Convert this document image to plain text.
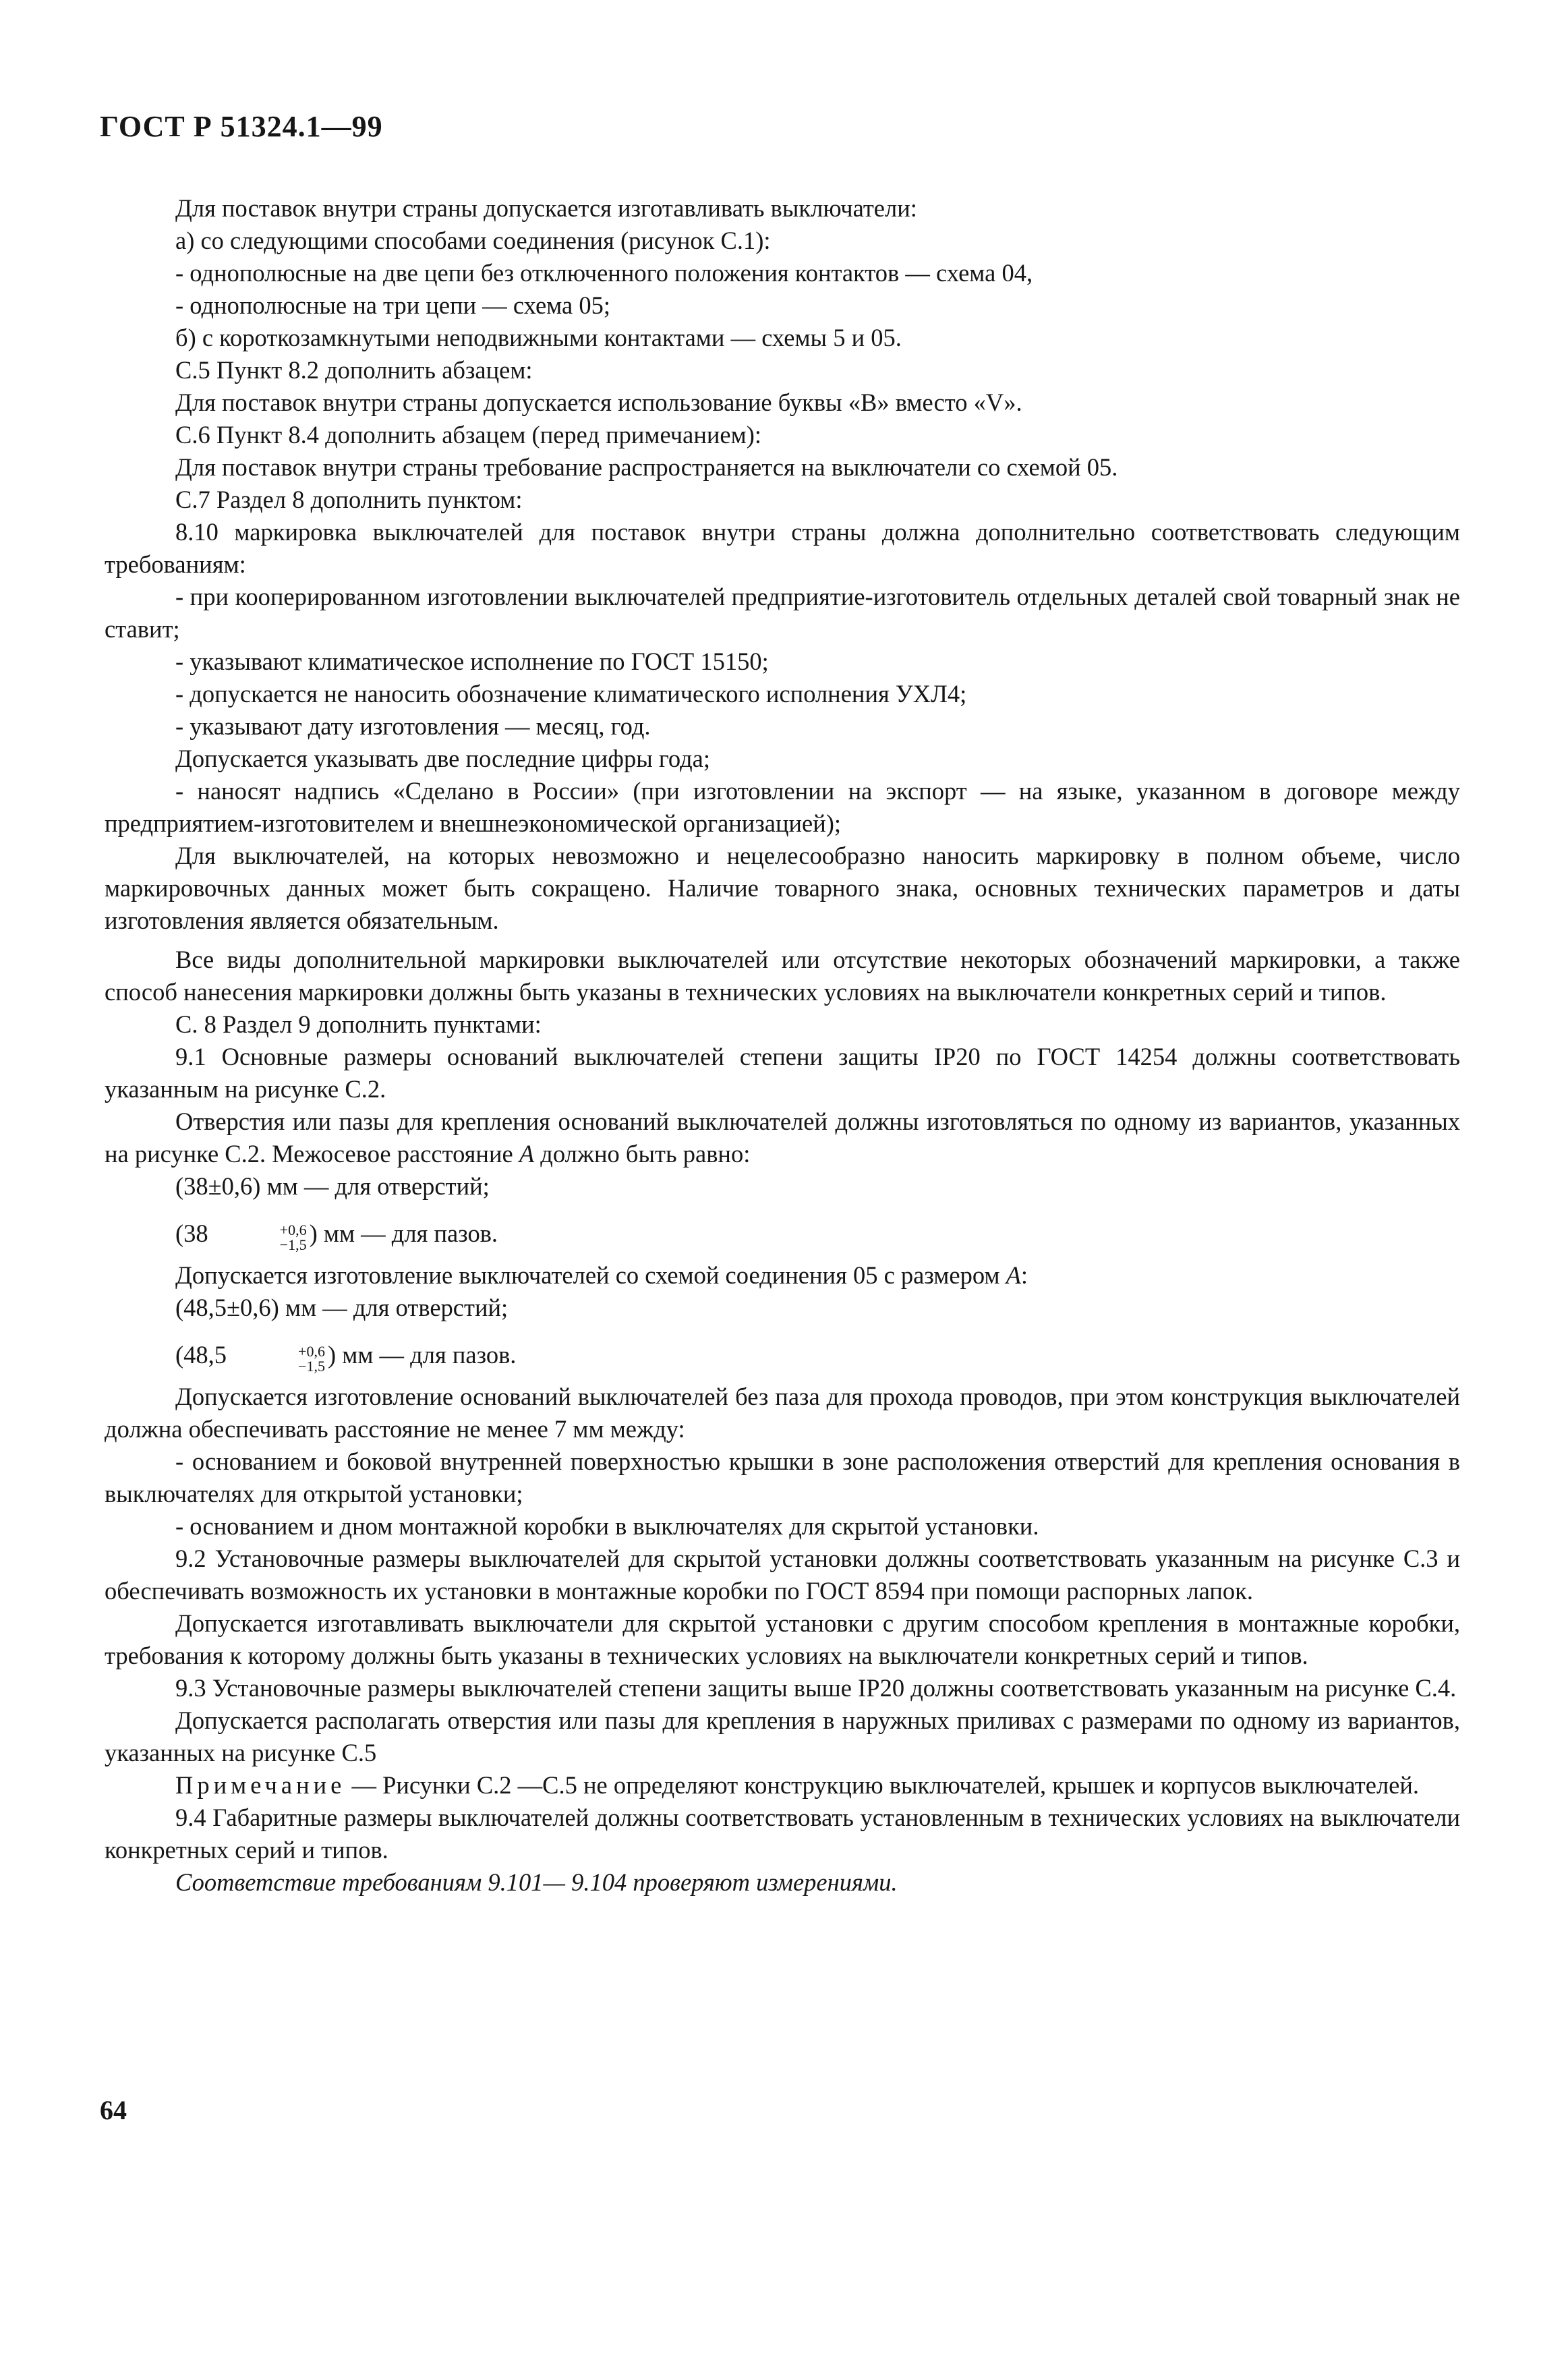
ГОСТ Р 51324.1—99

Для поставок внутри страны допускается изготавливать выключатели:

а) со следующими способами соединения (рисунок С.1):

- однополюсные на две цепи без отключенного положения контактов — схема 04,

- однополюсные на три цепи — схема 05;

б) с короткозамкнутыми неподвижными контактами — схемы 5 и 05.

С.5 Пункт 8.2 дополнить абзацем:

Для поставок внутри страны допускается использование буквы «В» вместо «V».

С.6 Пункт 8.4 дополнить абзацем (перед примечанием):

Для поставок внутри страны требование распространяется на выключатели со схемой 05.

С.7 Раздел 8 дополнить пунктом:

8.10 маркировка выключателей для поставок внутри страны должна дополнительно соответствовать следующим требованиям:

- при кооперированном изготовлении выключателей предприятие-изготовитель отдельных деталей свой товарный знак не ставит;

- указывают климатическое исполнение по ГОСТ 15150;

- допускается не наносить обозначение климатического исполнения УХЛ4;

- указывают дату изготовления — месяц, год.

Допускается указывать две последние цифры года;

- наносят надпись «Сделано в России» (при изготовлении на экспорт — на языке, указанном в договоре между предприятием-изготовителем и внешнеэкономической организацией);

Для выключателей, на которых невозможно и нецелесообразно наносить маркировку в полном объеме, число маркировочных данных может быть сокращено. Наличие товарного знака, основных технических параметров и даты изготовления является обязательным.

Все виды дополнительной маркировки выключателей или отсутствие некоторых обозначений маркировки, а также способ нанесения маркировки должны быть указаны в технических условиях на выключатели конкретных серий и типов.

С. 8 Раздел 9 дополнить пунктами:

9.1 Основные размеры оснований выключателей степени защиты IP20 по ГОСТ 14254 должны соответствовать указанным на рисунке С.2.

Отверстия или пазы для крепления оснований выключателей должны изготовляться по одному из вариантов, указанных на рисунке С.2. Межосевое расстояние А должно быть равно:

(38±0,6) мм — для отверстий;

(38	+0,6
−1,5 ) мм — для пазов.

Допускается изготовление выключателей со схемой соединения 05 с размером А:

(48,5±0,6) мм — для отверстий;

(48,5	+0,6
−1,5 ) мм — для пазов.

Допускается изготовление оснований выключателей без паза для прохода проводов, при этом конструкция выключателей должна обеспечивать расстояние не менее 7 мм между:

- основанием и боковой внутренней поверхностью крышки в зоне расположения отверстий для крепления основания в выключателях для открытой установки;

- основанием и дном монтажной коробки в выключателях для скрытой установки.

9.2 Установочные размеры выключателей для скрытой установки должны соответствовать указанным на рисунке С.3 и обеспечивать возможность их установки в монтажные коробки по ГОСТ 8594 при помощи распорных лапок.

Допускается изготавливать выключатели для скрытой установки с другим способом крепления в монтажные коробки, требования к которому должны быть указаны в технических условиях на выключатели конкретных серий и типов.

9.3 Установочные размеры выключателей степени защиты выше IP20 должны соответствовать указанным на рисунке С.4.

Допускается располагать отверстия или пазы для крепления в наружных приливах с размерами по одному из вариантов, указанных на рисунке С.5

Примечание — Рисунки С.2 —С.5 не определяют конструкцию выключателей, крышек и корпусов выключателей.

9.4 Габаритные размеры выключателей должны соответствовать установленным в технических условиях на выключатели конкретных серий и типов.

Соответствие требованиям 9.101— 9.104 проверяют измерениями.

64
